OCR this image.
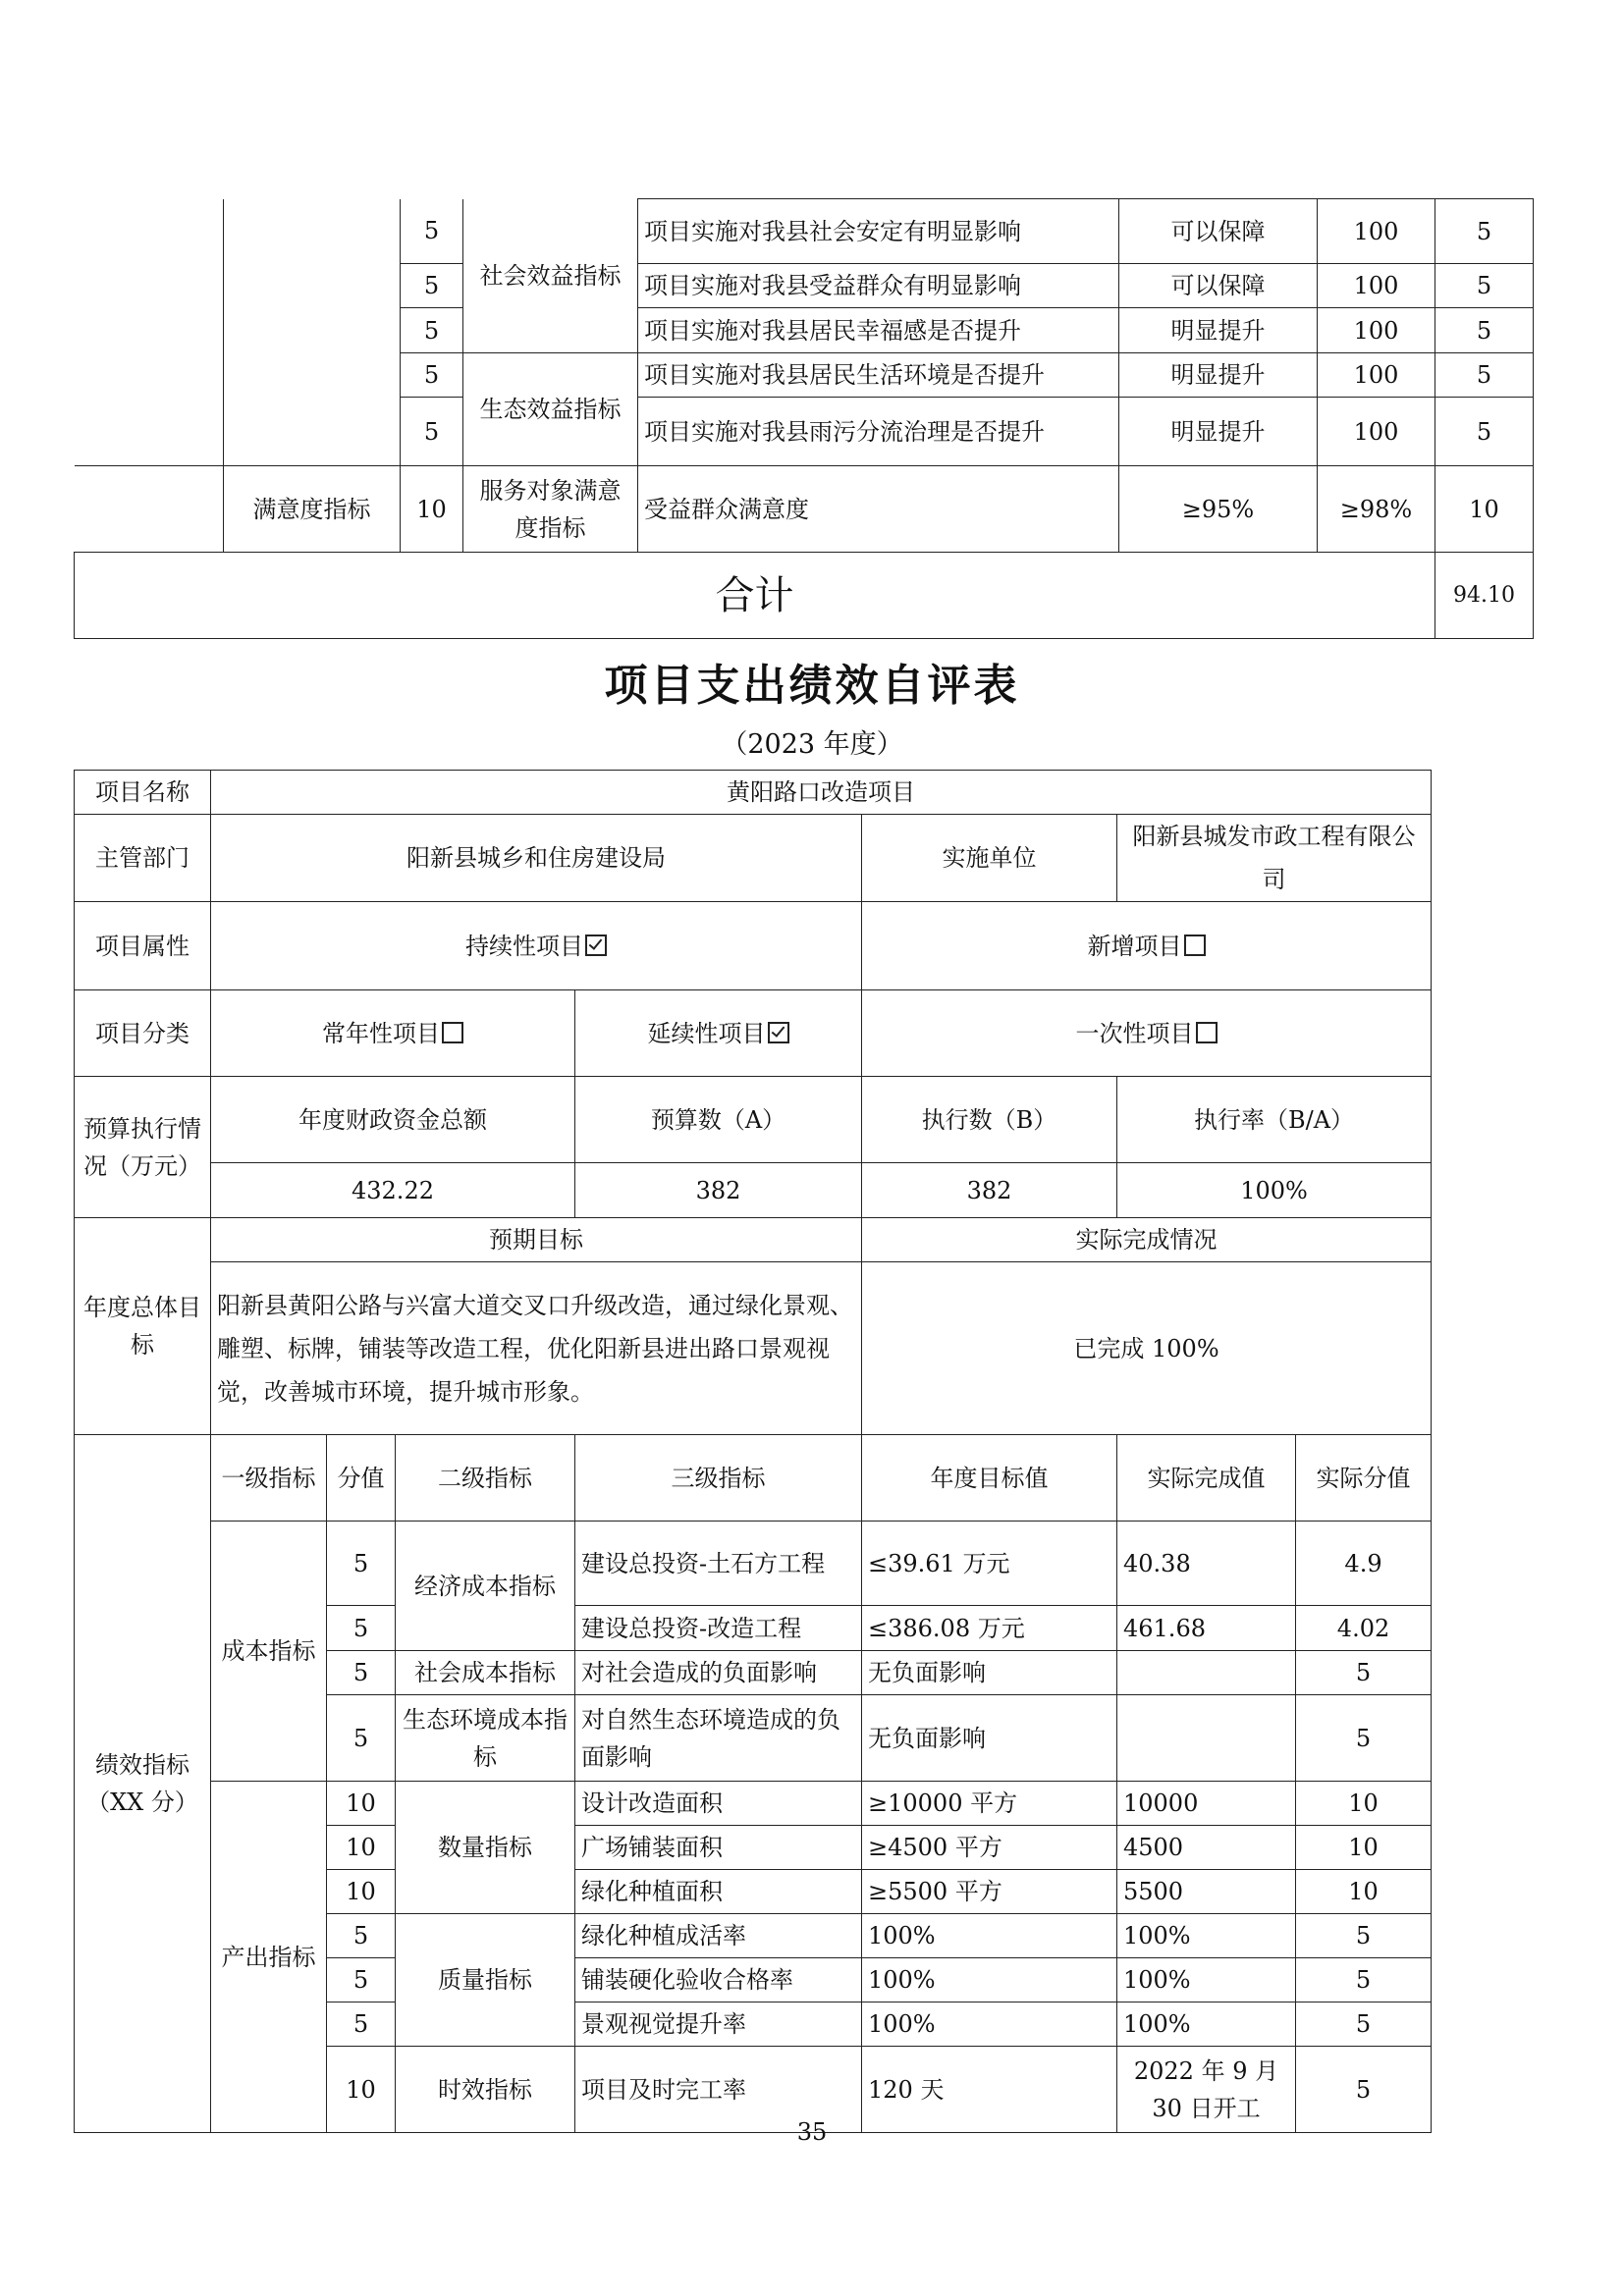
		5	社会效益指标	项目实施对我县社会安定有明显影响	可以保障	100	5
		5		项目实施对我县受益群众有明显影响	可以保障	100	5
		5		项目实施对我县居民幸福感是否提升	明显提升	100	5
		5	生态效益指标	项目实施对我县居民生活环境是否提升	明显提升	100	5
		5		项目实施对我县雨污分流治理是否提升	明显提升	100	5
	满意度指标	10	服务对象满意度指标	受益群众满意度	≥95%	≥98%	10
合计							94.10
项目支出绩效自评表
（2023 年度）
项目名称	黄阳路口改造项目						
主管部门	阳新县城乡和住房建设局				实施单位	阳新县城发市政工程有限公司	
项目属性	持续性项目				新增项目		
项目分类	常年性项目			延续性项目	一次性项目		
预算执行情况（万元）	年度财政资金总额			预算数（A）	执行数（B）	执行率（B/A）	
	432.22			382	382	100%	
年度总体目标	预期目标				实际完成情况		
	阳新县黄阳公路与兴富大道交叉口升级改造，通过绿化景观、雕塑、标牌，铺装等改造工程，优化阳新县进出路口景观视觉，改善城市环境，提升城市形象。				已完成 100%		
绩效指标（XX 分）	一级指标	分值	二级指标	三级指标	年度目标值	实际完成值	实际分值

	成本指标	5	经济成本指标	建设总投资-土石方工程	≤39.61 万元	40.38	4.9
		5		建设总投资-改造工程	≤386.08 万元	461.68	4.02
		5	社会成本指标	对社会造成的负面影响	无负面影响		5
		5	生态环境成本指标	对自然生态环境造成的负面影响	无负面影响		5

	产出指标	10	数量指标	设计改造面积	≥10000 平方	10000	10
		10		广场铺装面积	≥4500 平方	4500	10
		10		绿化种植面积	≥5500 平方	5500	10
		5	质量指标	绿化种植成活率	100%	100%	5
		5		铺装硬化验收合格率	100%	100%	5
		5		景观视觉提升率	100%	100%	5
		10	时效指标	项目及时完工率	120 天	2022 年 9 月 30 日开工	5
35
